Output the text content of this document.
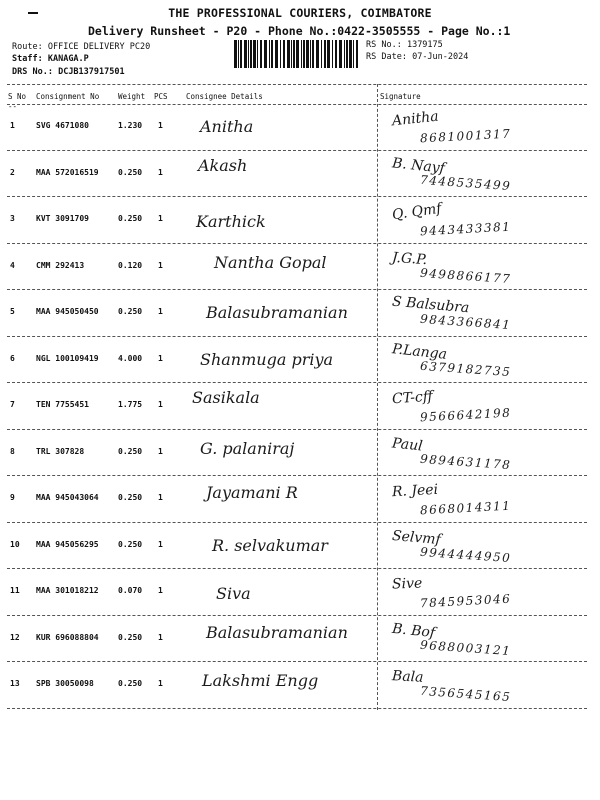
THE PROFESSIONAL COURIERS, COIMBATORE
Delivery Runsheet - P20 - Phone No.:0422-3505555 - Page No.:1
Route: OFFICE DELIVERY PC20
Staff: KANAGA.P
DRS No.: DCJB137917501
RS No.: 1379175
RS Date: 07-Jun-2024
S No Consignment No	Weight PCS Consignee Details	Signature
--
1	SVG 4671080	1.230 1 Anitha	Anitha
8681001317
2	MAA 572016519 0.250 1 Akash	B. Nayf
7448535499
3	KVT 3091709	0.250 1 Karthick	Q. Qmf
9443433381
4	CMM 292413	0.120 1	Nantha Gopal	J.G.P.
9498866177
5	MAA 945050450 0.250 1	Balasubramanian	S Balsubra
9843366841
6	NGL 100109419 4.000 1 Shanmuga priya	P.Langa
6379182735
7	TEN 7755451	1.775 1 Sasikala	CT-cff
9566642198
8	TRL 307828	0.250 1 G. palaniraj	Paul
9894631178
9	MAA 945043064 0.250 1	Jayamani R	R. Jeei
8668014311
10 MAA 945056295 0.250 1	R. selvakumar	Selvmf
9944444950
11 MAA 301018212 0.070 1	Siva	Sive
7845953046
12 KUR 696088804 0.250 1	Balasubramanian	B. Bof
9688003121
13 SPB 30050098	0.250 1 Lakshmi Engg	Bala
7356545165
